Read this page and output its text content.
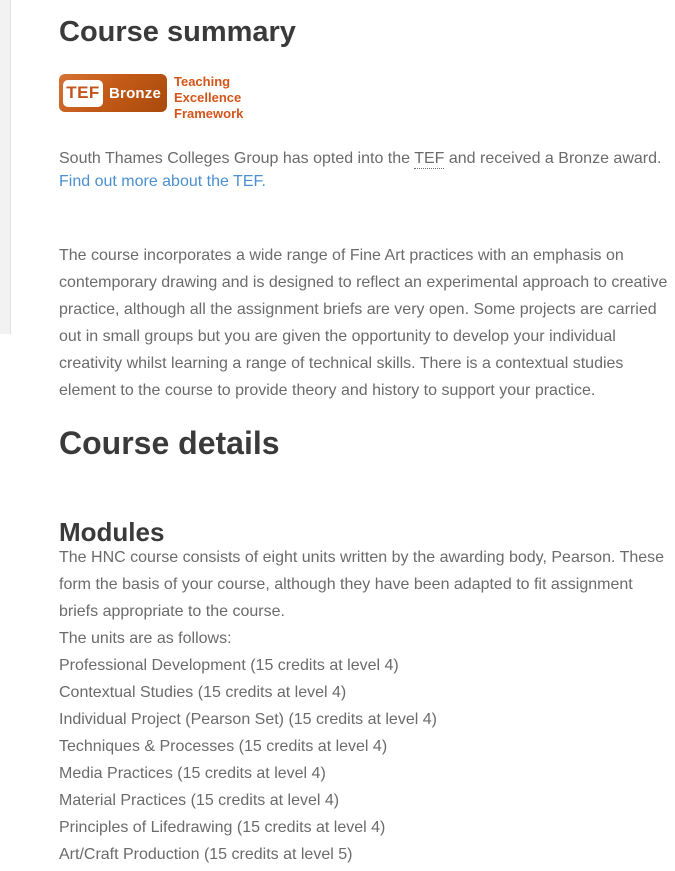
Course summary
TEF Bronze
Teaching
Excellence
Framework

South Thames Colleges Group has opted into the TEF and received a Bronze award.

Find out more about the TEF.

The course incorporates a wide range of Fine Art practices with an emphasis on contemporary drawing and is designed to reflect an experimental approach to creative practice, although all the assignment briefs are very open. Some projects are carried out in small groups but you are given the opportunity to develop your individual creativity whilst learning a range of technical skills. There is a contextual studies element to the course to provide theory and history to support your practice.

Course details
Modules
The HNC course consists of eight units written by the awarding body, Pearson. These form the basis of your course, although they have been adapted to fit assignment briefs appropriate to the course.
The units are as follows:
Professional Development (15 credits at level 4)
Contextual Studies (15 credits at level 4)
Individual Project (Pearson Set) (15 credits at level 4)
Techniques & Processes (15 credits at level 4)
Media Practices (15 credits at level 4)
Material Practices (15 credits at level 4)
Principles of Lifedrawing (15 credits at level 4)
Art/Craft Production (15 credits at level 5)
